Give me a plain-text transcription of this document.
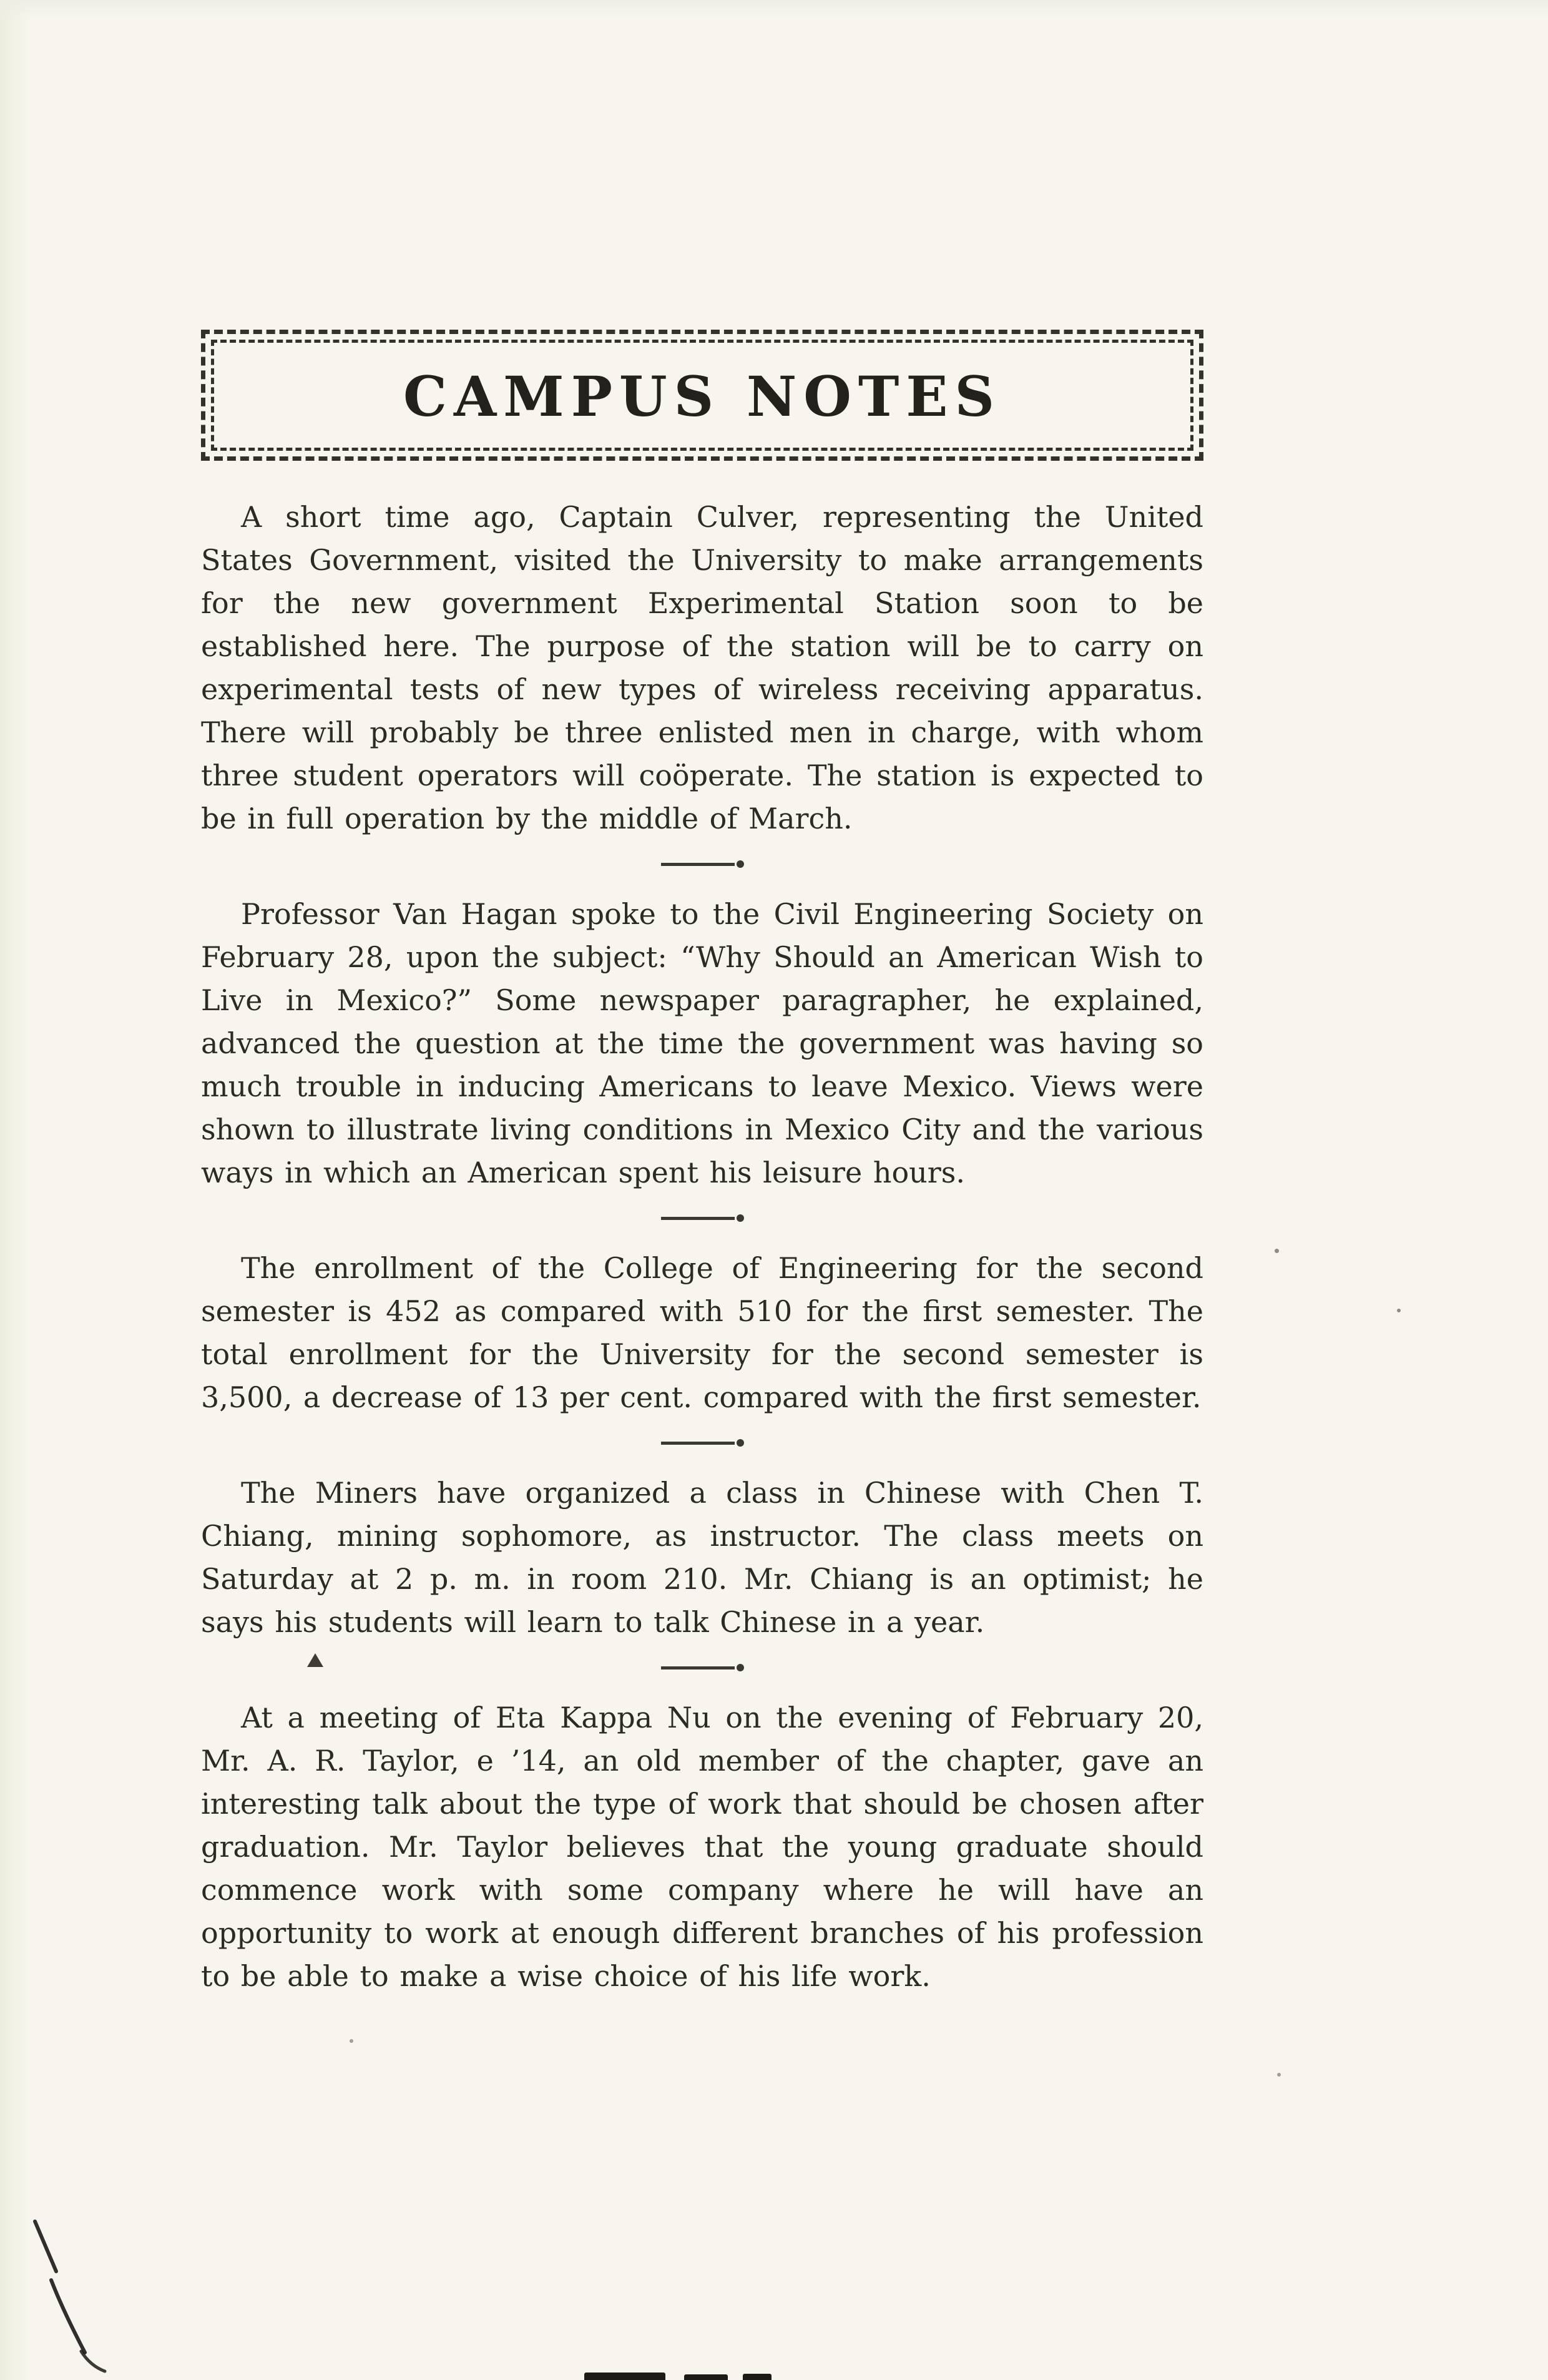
CAMPUS NOTES

A short time ago, Captain Culver, representing the United States Government, visited the University to make arrangements for the new government Experimental Station soon to be established here. The purpose of the station will be to carry on experimental tests of new types of wireless receiving apparatus. There will probably be three enlisted men in charge, with whom three student operators will coöperate. The station is expected to be in full operation by the middle of March.

Professor Van Hagan spoke to the Civil Engineering Society on February 28, upon the subject: “Why Should an American Wish to Live in Mexico?” Some newspaper paragrapher, he explained, advanced the question at the time the government was having so much trouble in inducing Americans to leave Mexico. Views were shown to illustrate living conditions in Mexico City and the various ways in which an American spent his leisure hours.

The enrollment of the College of Engineering for the second semester is 452 as compared with 510 for the first semester. The total enrollment for the University for the second semester is 3,500, a decrease of 13 per cent. compared with the first semester.

The Miners have organized a class in Chinese with Chen T. Chiang, mining sophomore, as instructor. The class meets on Saturday at 2 p. m. in room 210. Mr. Chiang is an optimist; he says his students will learn to talk Chinese in a year.

At a meeting of Eta Kappa Nu on the evening of February 20, Mr. A. R. Taylor, e ’14, an old member of the chapter, gave an interesting talk about the type of work that should be chosen after graduation. Mr. Taylor believes that the young graduate should commence work with some company where he will have an opportunity to work at enough different branches of his profession to be able to make a wise choice of his life work.
